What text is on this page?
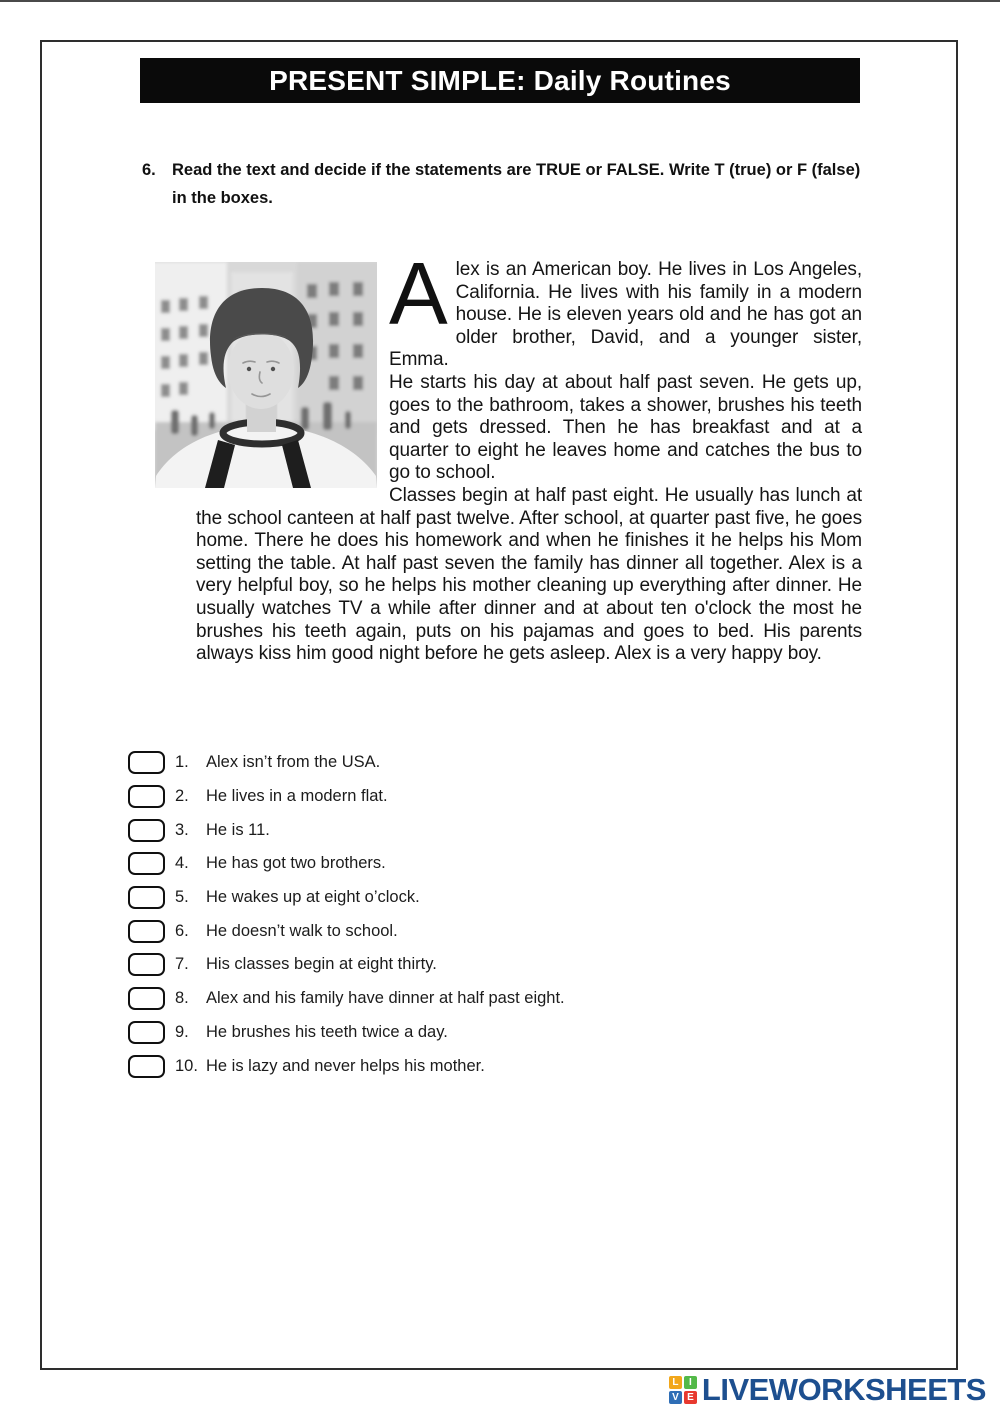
PRESENT SIMPLE: Daily Routines
6. Read the text and decide if the statements are TRUE or FALSE. Write T (true) or F (false) in the boxes.

Alex is an American boy. He lives in Los Angeles, California. He lives with his family in a modern house. He is eleven years old and he has got an older brother, David, and a younger sister, Emma.

He starts his day at about half past seven. He gets up, goes to the bathroom, takes a shower, brushes his teeth and gets dressed. Then he has breakfast and at a quarter to eight he leaves home and catches the bus to go to school.

Classes begin at half past eight. He usually has lunch at the school canteen at half past twelve. After school, at quarter past five, he goes home. There he does his homework and when he finishes it he helps his Mom setting the table. At half past seven the family has dinner all together. Alex is a very helpful boy, so he helps his mother cleaning up everything after dinner. He usually watches TV a while after dinner and at about ten o'clock the most he brushes his teeth again, puts on his pajamas and goes to bed. His parents always kiss him good night before he gets asleep. Alex is a very happy boy.

1.	Alex isn’t from the USA.
2.	He lives in a modern flat.
3.	He is 11.
4.	He has got two brothers.
5.	He wakes up at eight o’clock.
6.	He doesn’t walk to school.
7.	His classes begin at eight thirty.
8.	Alex and his family have dinner at half past eight.
9.	He brushes his teeth twice a day.
10. He is lazy and never helps his mother.
L	I
V E LIVEWORKSHEETS
